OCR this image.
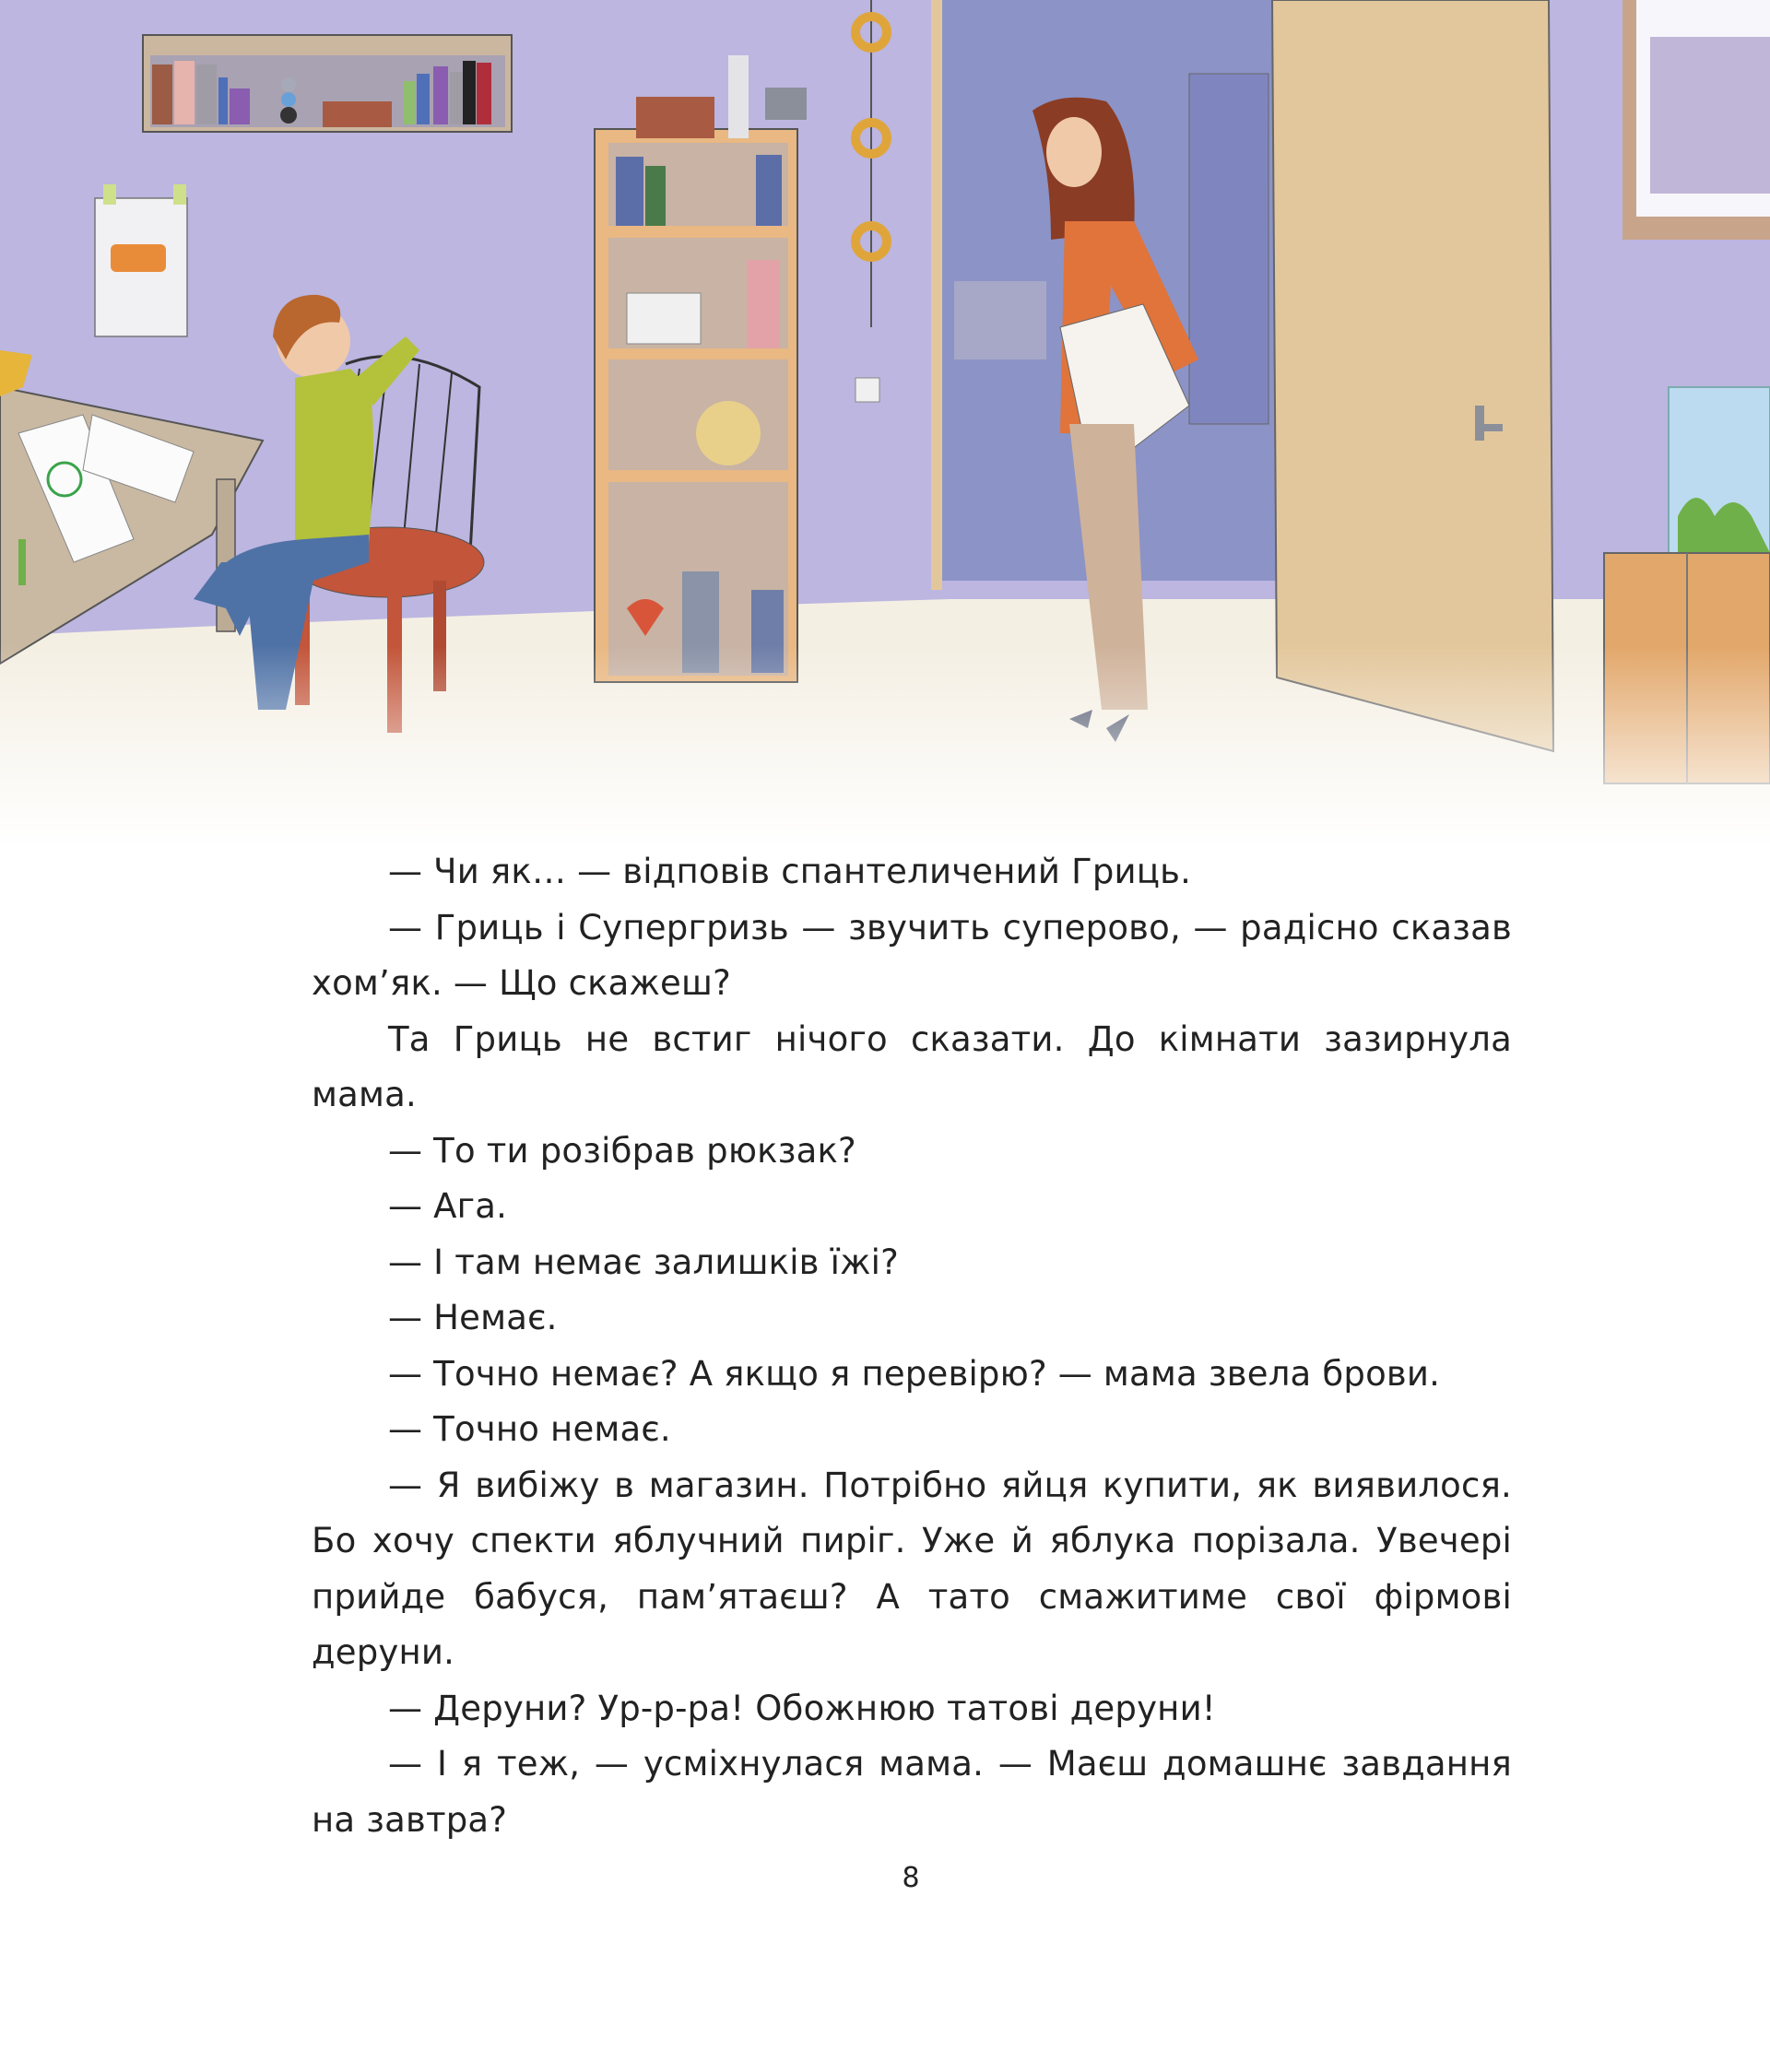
— Чи як… — відповів спантеличений Гриць.

— Гриць і Супергризь — звучить суперово, — радісно сказав хом’як. — Що скажеш?

Та Гриць не встиг нічого сказати. До кімнати зазирнула мама.

— То ти розібрав рюкзак?

— Ага.

— І там немає залишків їжі?

— Немає.

— Точно немає? А якщо я перевірю? — мама звела брови.

— Точно немає.

— Я вибіжу в магазин. Потрібно яйця купити, як виявилося. Бо хочу спекти яблучний пиріг. Уже й яблука порізала. Увечері прийде бабуся, пам’ятаєш? А тато смажитиме свої фірмові деруни.

— Деруни? Ур-р-ра! Обожнюю татові деруни!

— І я теж, — усміхнулася мама. — Маєш домашнє завдання на завтра?

8
